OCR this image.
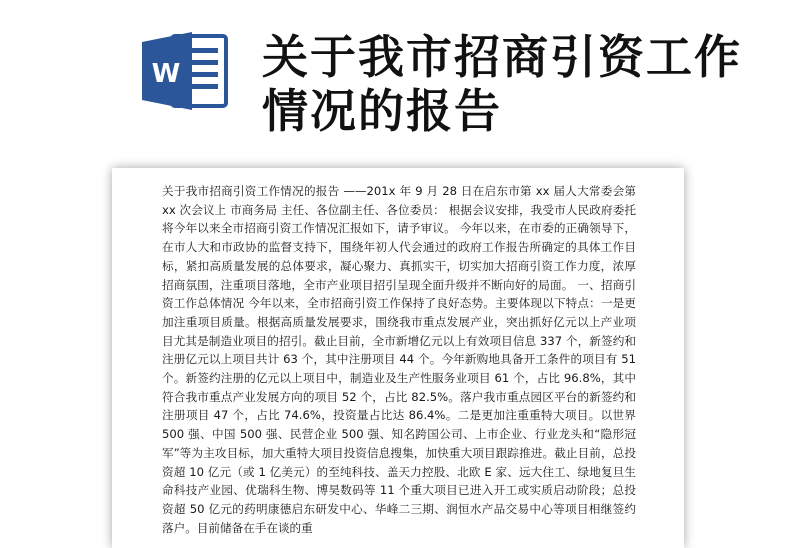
W 关于我市招商引资工作情况的报告

关于我市招商引资工作情况的报告 ——201x 年 9 月 28 日在启东市第 xx 届人大常委会第 xx 次会议上 市商务局 主任、各位副主任、各位委员： 根据会议安排，我受市人民政府委托将今年以来全市招商引资工作情况汇报如下，请予审议。 今年以来，在市委的正确领导下，在市人大和市政协的监督支持下，围绕年初人代会通过的政府工作报告所确定的具体工作目标，紧扣高质量发展的总体要求，凝心聚力、真抓实干，切实加大招商引资工作力度，浓厚招商氛围，注重项目落地，全市产业项目招引呈现全面升级并不断向好的局面。 一、招商引资工作总体情况 今年以来，全市招商引资工作保持了良好态势。主要体现以下特点：一是更加注重项目质量。根据高质量发展要求，围绕我市重点发展产业，突出抓好亿元以上产业项目尤其是制造业项目的招引。截止目前，全市新增亿元以上有效项目信息 337 个，新签约和注册亿元以上项目共计 63 个，其中注册项目 44 个。今年新购地具备开工条件的项目有 51 个。新签约注册的亿元以上项目中，制造业及生产性服务业项目 61 个，占比 96.8%，其中符合我市重点产业发展方向的项目 52 个，占比 82.5%。落户我市重点园区平台的新签约和注册项目 47 个，占比 74.6%，投资量占比达 86.4%。二是更加注重重特大项目。以世界 500 强、中国 500 强、民营企业 500 强、知名跨国公司、上市企业、行业龙头和“隐形冠军”等为主攻目标，加大重特大项目投资信息搜集，加快重大项目跟踪推进。截止目前，总投资超 10 亿元（或 1 亿美元）的至纯科技、盖天力控股、北欧 E 家、远大住工、绿地复旦生命科技产业园、优瑞科生物、博昊数码等 11 个重大项目已进入开工或实质启动阶段；总投资超 50 亿元的药明康德启东研发中心、华峰二三期、润恒水产品交易中心等项目相继签约落户。目前储备在手在谈的重
